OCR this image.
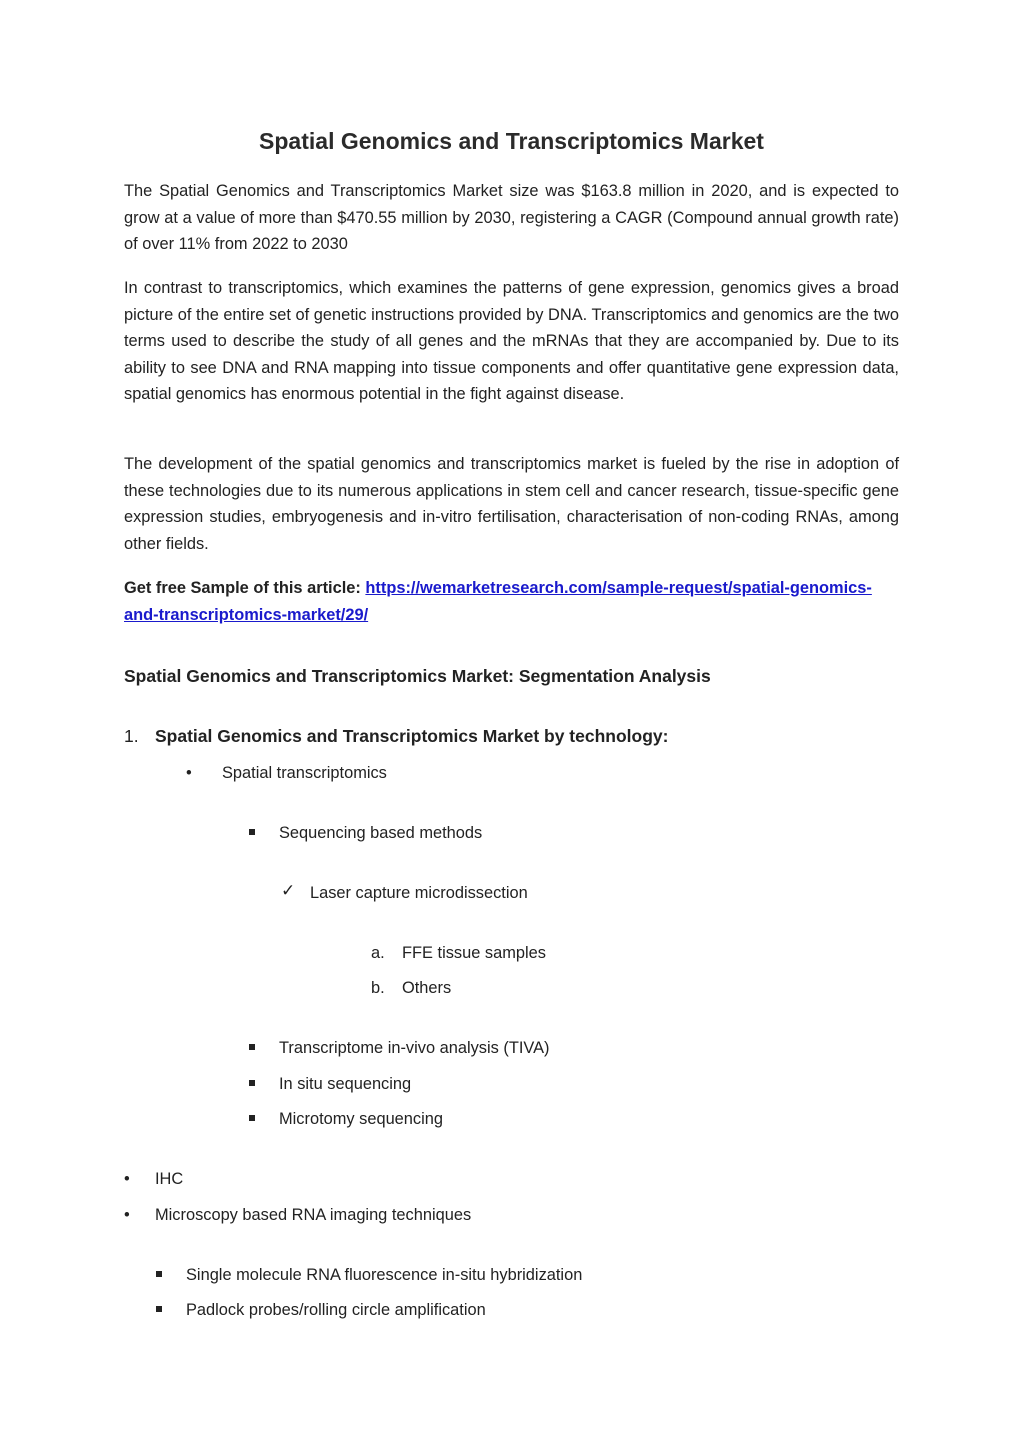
Spatial Genomics and Transcriptomics Market

The Spatial Genomics and Transcriptomics Market size was $163.8 million in 2020, and is expected to grow at a value of more than $470.55 million by 2030, registering a CAGR (Compound annual growth rate) of over 11% from 2022 to 2030

In contrast to transcriptomics, which examines the patterns of gene expression, genomics gives a broad picture of the entire set of genetic instructions provided by DNA. Transcriptomics and genomics are the two terms used to describe the study of all genes and the mRNAs that they are accompanied by. Due to its ability to see DNA and RNA mapping into tissue components and offer quantitative gene expression data, spatial genomics has enormous potential in the fight against disease.

The development of the spatial genomics and transcriptomics market is fueled by the rise in adoption of these technologies due to its numerous applications in stem cell and cancer research, tissue-specific gene expression studies, embryogenesis and in-vitro fertilisation, characterisation of non-coding RNAs, among other fields.

Get free Sample of this article: https://wemarketresearch.com/sample-request/spatial-genomics-
and-transcriptomics-market/29/
Spatial Genomics and Transcriptomics Market: Segmentation Analysis
1. Spatial Genomics and Transcriptomics Market by technology:
• Spatial transcriptomics
Sequencing based methods
✓ Laser capture microdissection
a. FFE tissue samples
b. Others
Transcriptome in-vivo analysis (TIVA)
In situ sequencing
Microtomy sequencing
• IHC
• Microscopy based RNA imaging techniques
Single molecule RNA fluorescence in-situ hybridization
Padlock probes/rolling circle amplification
